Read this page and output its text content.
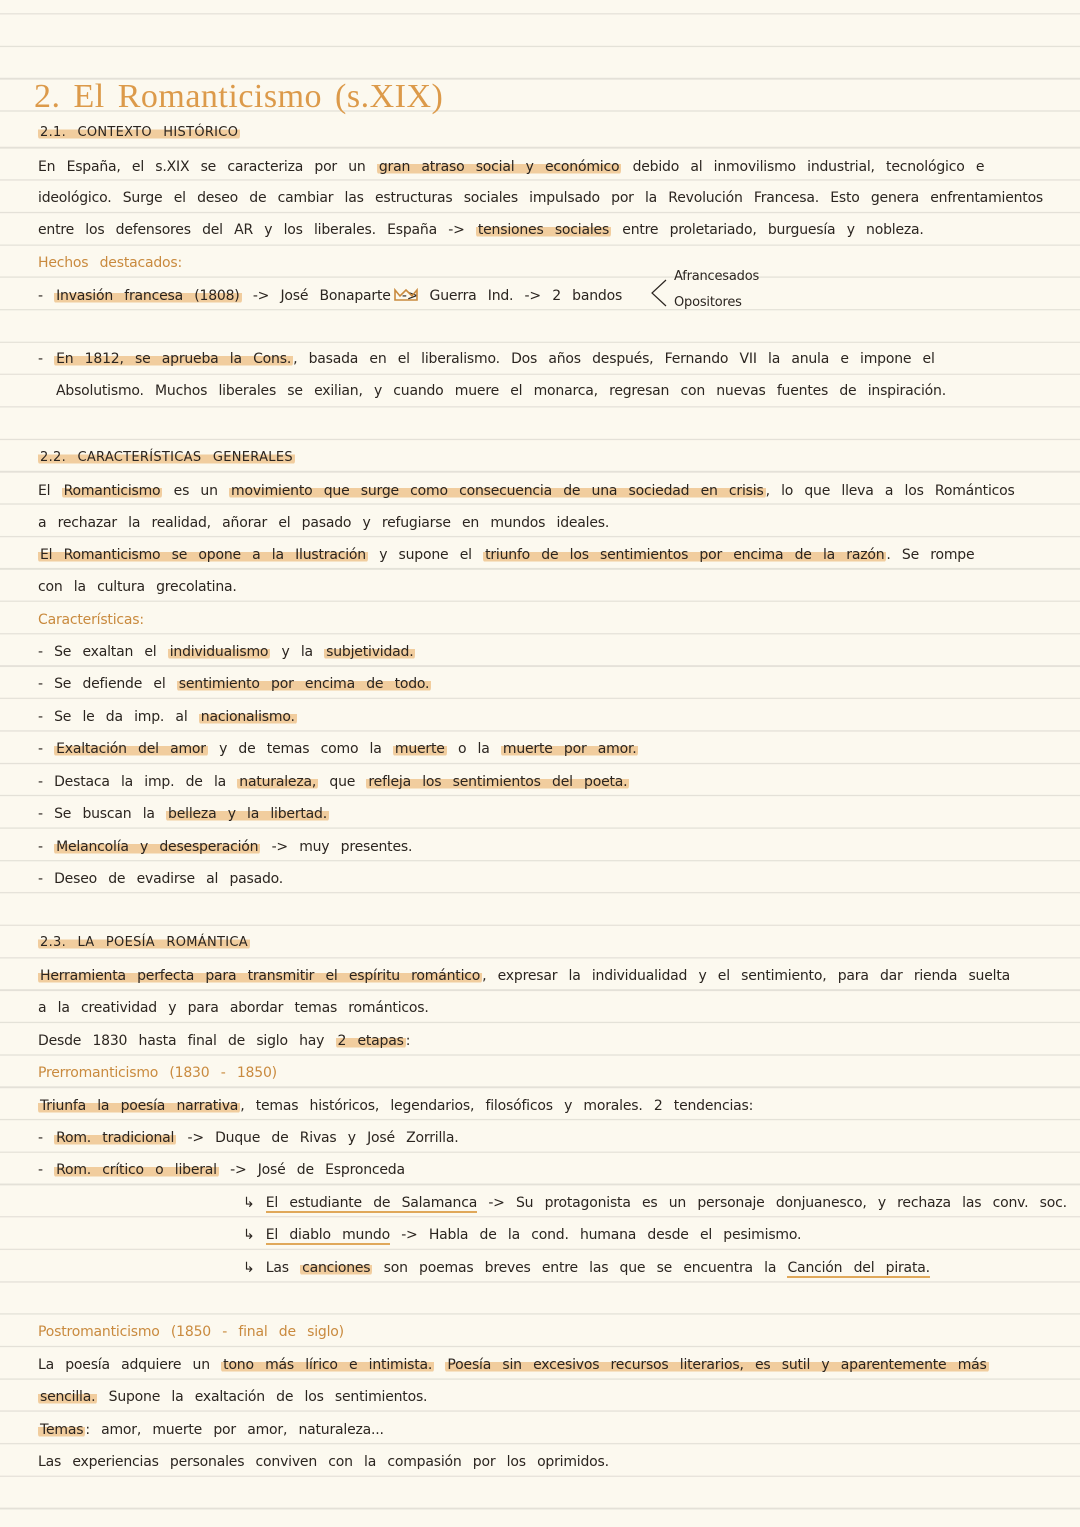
2. El Romanticismo (s.XIX)
2.1. CONTEXTO HISTÓRICO
En España, el s.XIX se caracteriza por un gran atraso social y económico debido al inmovilismo industrial, tecnológico e
ideológico. Surge el deseo de cambiar las estructuras sociales impulsado por la Revolución Francesa. Esto genera enfrentamientos
entre los defensores del AR y los liberales. España -> tensiones sociales entre proletariado, burguesía y nobleza.
Hechos destacados:
- Invasión francesa (1808) -> José Bonaparte -> Guerra Ind. -> 2 bandos
Afrancesados
Opositores
- En 1812, se aprueba la Cons. , basada en el liberalismo. Dos años después, Fernando VII la anula e impone el
Absolutismo. Muchos liberales se exilian, y cuando muere el monarca, regresan con nuevas fuentes de inspiración.
2.2. CARACTERÍSTICAS GENERALES
El Romanticismo es un movimiento que surge como consecuencia de una sociedad en crisis , lo que lleva a los Románticos
a rechazar la realidad, añorar el pasado y refugiarse en mundos ideales.
El Romanticismo se opone a la Ilustración y supone el triunfo de los sentimientos por encima de la razón . Se rompe
con la cultura grecolatina.
Características:
- Se exaltan el individualismo y la subjetividad.
- Se defiende el sentimiento por encima de todo.
- Se le da imp. al nacionalismo.
- Exaltación del amor y de temas como la muerte o la muerte por amor.
- Destaca la imp. de la naturaleza, que refleja los sentimientos del poeta.
- Se buscan la belleza y la libertad.
- Melancolía y desesperación -> muy presentes.
- Deseo de evadirse al pasado.
2.3. LA POESÍA ROMÁNTICA
Herramienta perfecta para transmitir el espíritu romántico , expresar la individualidad y el sentimiento, para dar rienda suelta
a la creatividad y para abordar temas románticos.
Desde 1830 hasta final de siglo hay 2 etapas :
Prerromanticismo (1830 - 1850)
Triunfa la poesía narrativa , temas históricos, legendarios, filosóficos y morales. 2 tendencias:
- Rom. tradicional -> Duque de Rivas y José Zorrilla.
- Rom. crítico o liberal -> José de Espronceda
↳ El estudiante de Salamanca -> Su protagonista es un personaje donjuanesco, y rechaza las conv. soc.
↳ El diablo mundo -> Habla de la cond. humana desde el pesimismo.
↳ Las canciones son poemas breves entre las que se encuentra la Canción del pirata.
Postromanticismo (1850 - final de siglo)
La poesía adquiere un tono más lírico e intimista. Poesía sin excesivos recursos literarios, es sutil y aparentemente más
sencilla. Supone la exaltación de los sentimientos.
Temas : amor, muerte por amor, naturaleza...
Las experiencias personales conviven con la compasión por los oprimidos.
